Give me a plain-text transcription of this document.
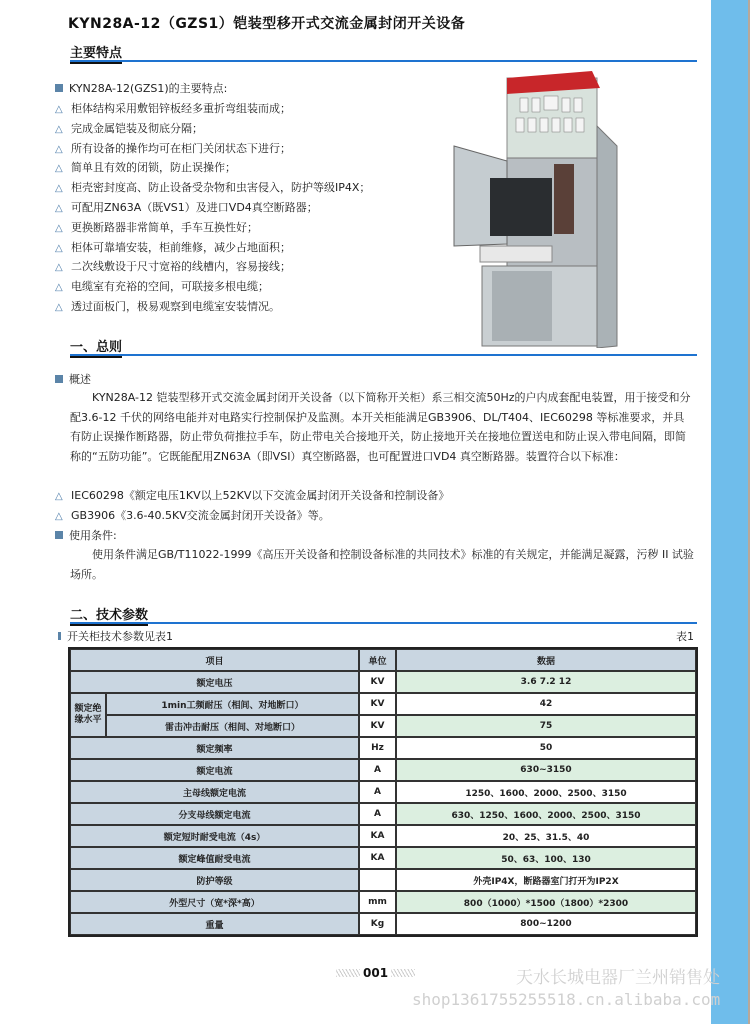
KYN28A-12（GZS1）铠装型移开式交流金属封闭开关设备
主要特点
KYN28A-12(GZS1)的主要特点:
△ 柜体结构采用敷铝锌板经多重折弯组装而成；
△ 完成金属铠装及彻底分隔；
△ 所有设备的操作均可在柜门关闭状态下进行；
△ 简单且有效的闭锁，防止误操作；
△ 柜壳密封度高、防止设备受杂物和虫害侵入，防护等级IP4X；
△ 可配用ZN63A（既VS1）及进口VD4真空断路器；
△ 更换断路器非常简单，手车互换性好；
△ 柜体可靠墙安装，柜前维修，减少占地面积；
△ 二次线敷设于尺寸宽裕的线槽内，容易接线；
△ 电缆室有充裕的空间，可联接多根电缆；
△ 透过面板门，极易观察到电缆室安装情况。
一、总则
概述
KYN28A-12 铠装型移开式交流金属封闭开关设备（以下简称开关柜）系三相交流50Hz的户内成套配电装置，用于接受和分配3.6-12 千伏的网络电能并对电路实行控制保护及监测。本开关柜能满足GB3906、DL/T404、IEC60298 等标准要求，并具有防止误操作断路器，防止带负荷推拉手车，防止带电关合接地开关，防止接地开关在接地位置送电和防止误入带电间隔，即简称的“五防功能”。它既能配用ZN63A（即VSI）真空断路器，也可配置进口VD4 真空断路器。装置符合以下标准：
△ IEC60298《额定电压1KV以上52KV以下交流金属封闭开关设备和控制设备》
△ GB3906《3.6-40.5KV交流金属封闭开关设备》等。
使用条件:
使用条件满足GB/T11022-1999《高压开关设备和控制设备标准的共同技术》标准的有关规定，并能满足凝露，污秽 II 试验场所。
二、技术参数
开关柜技术参数见表1	表1
项目		单位	数据
额定电压		KV	3.6 7.2 12
额定绝缘水平	1min工频耐压（相间、对地断口）	KV	42
	雷击冲击耐压（相间、对地断口）	KV	75
额定频率		Hz	50
额定电流		A	630~3150
主母线额定电流		A	1250、1600、2000、2500、3150
分支母线额定电流		A	630、1250、1600、2000、2500、3150
额定短时耐受电流（4s）		KA	20、25、31.5、40
额定峰值耐受电流		KA	50、63、100、130
防护等级			外壳IP4X，断路器室门打开为IP2X
外型尺寸（宽*深*高）		mm	800（1000）*1500（1800）*2300
重量		Kg	800~1200
001	天水长城电器厂兰州销售处
shop1361755255518.cn.alibaba.com
